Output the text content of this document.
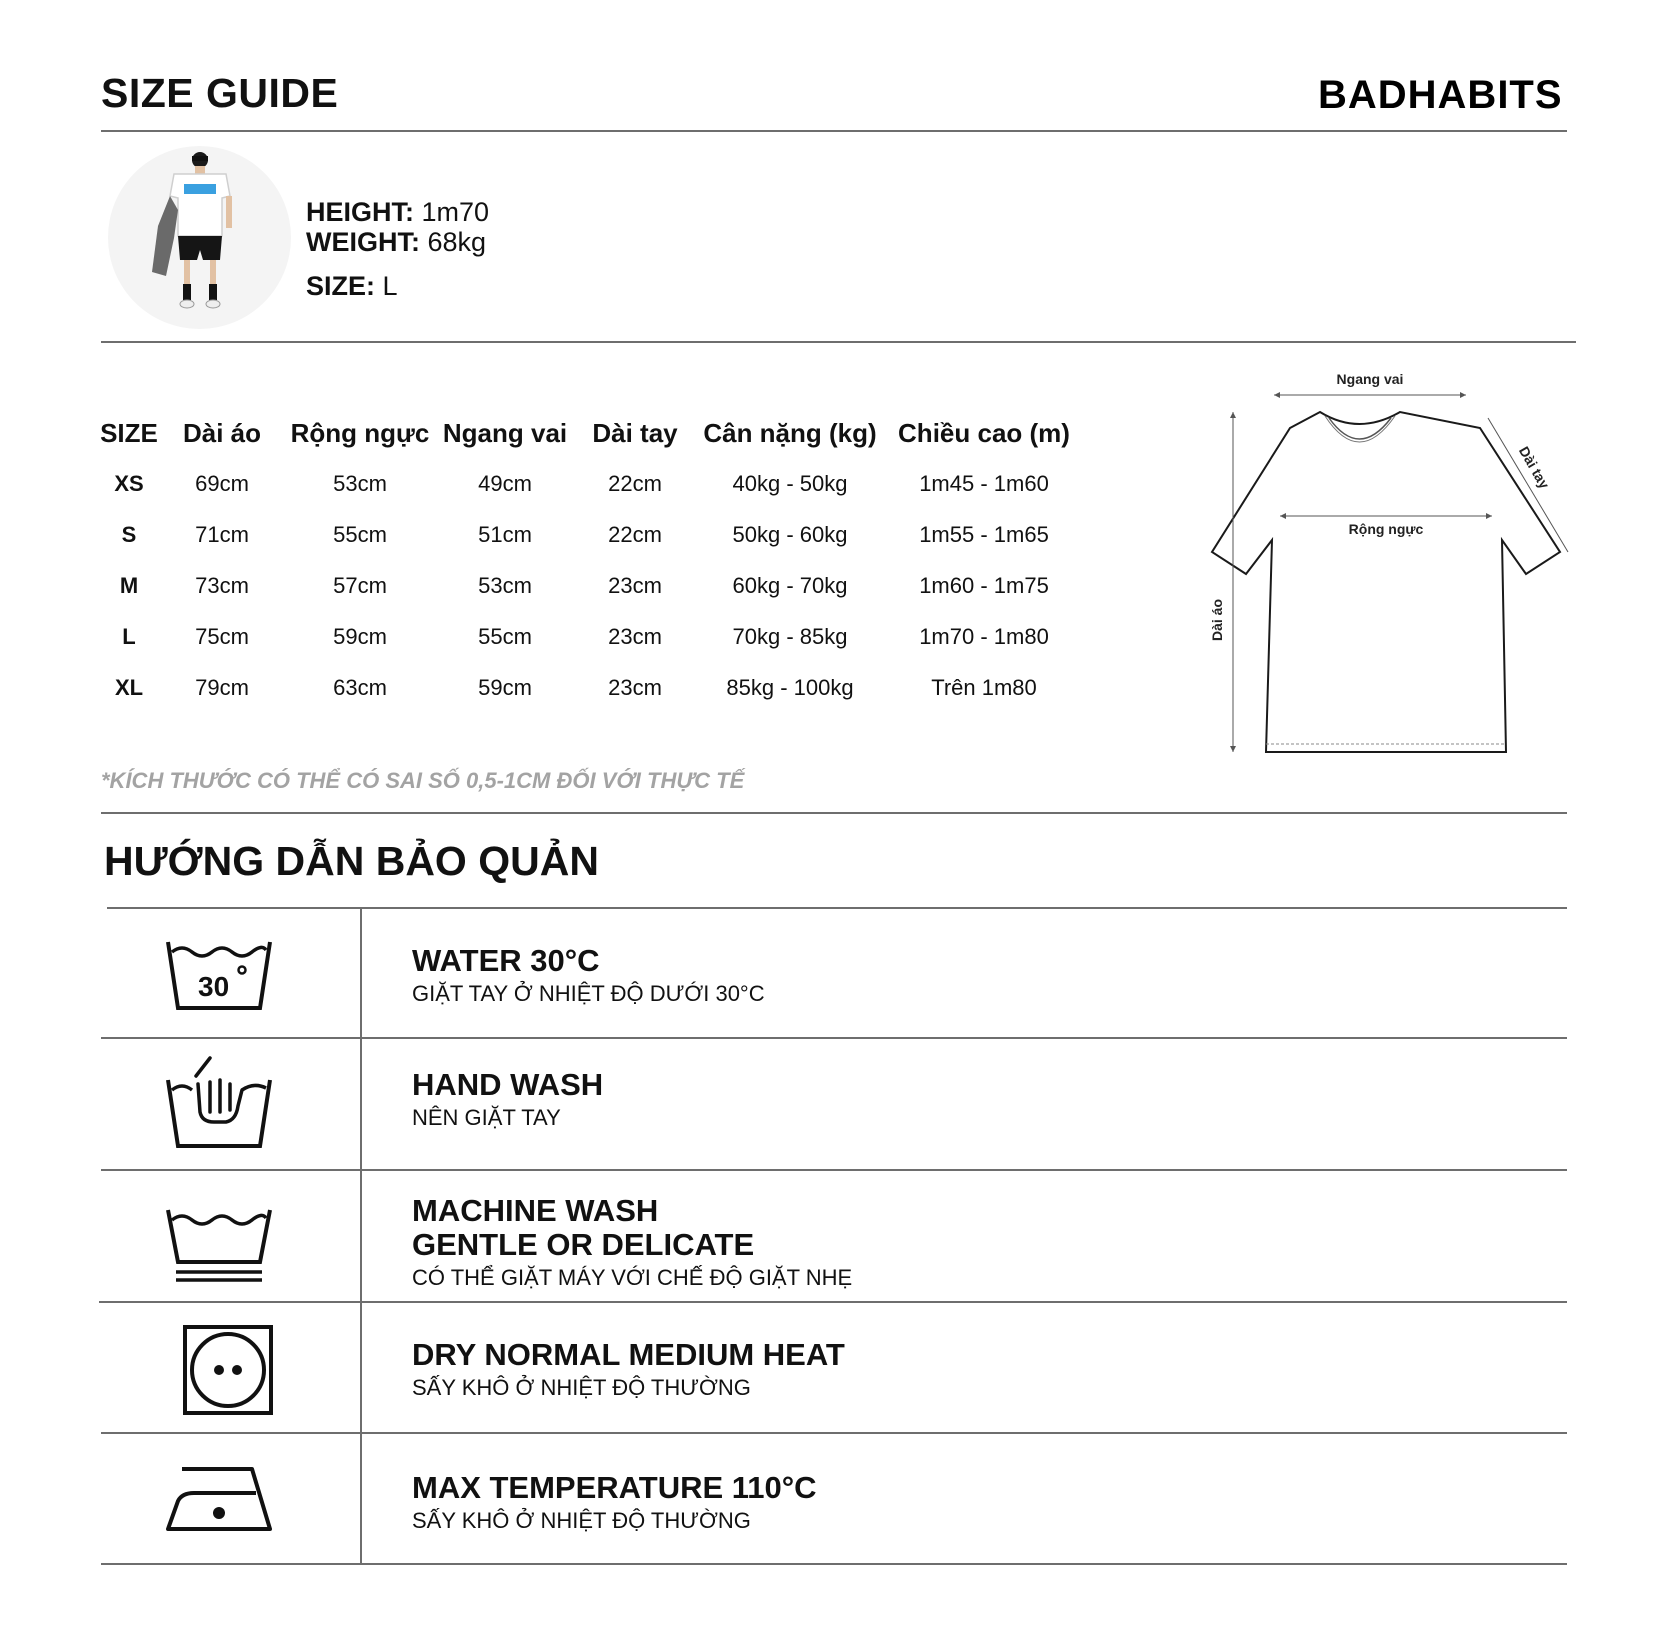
SIZE GUIDE	BADHABITS
HEIGHT: 1m70
WEIGHT: 68kg
SIZE: L
SIZE	Dài áo	Rộng ngực	Ngang vai	Dài tay	Cân nặng (kg)	Chiều cao (m)
XS	69cm	53cm	49cm	22cm	40kg - 50kg	1m45 - 1m60
S	71cm	55cm	51cm	22cm	50kg - 60kg	1m55 - 1m65
M	73cm	57cm	53cm	23cm	60kg - 70kg	1m60 - 1m75
L	75cm	59cm	55cm	23cm	70kg - 85kg	1m70 - 1m80
XL	79cm	63cm	59cm	23cm	85kg - 100kg	Trên 1m80
Ngang vai
Rộng ngực
Dài tay
Dài áo
*KÍCH THƯỚC CÓ THỂ CÓ SAI SỐ 0,5-1CM ĐỐI VỚI THỰC TẾ
HƯỚNG DẪN BẢO QUẢN
30
WATER 30°C
GIẶT TAY Ở NHIỆT ĐỘ DƯỚI 30°C
HAND WASH
NÊN GIẶT TAY
MACHINE WASH
GENTLE OR DELICATE
CÓ THỂ GIẶT MÁY VỚI CHẾ ĐỘ GIẶT NHẸ
DRY NORMAL MEDIUM HEAT
SẤY KHÔ Ở NHIỆT ĐỘ THƯỜNG
MAX TEMPERATURE 110°C
SẤY KHÔ Ở NHIỆT ĐỘ THƯỜNG
